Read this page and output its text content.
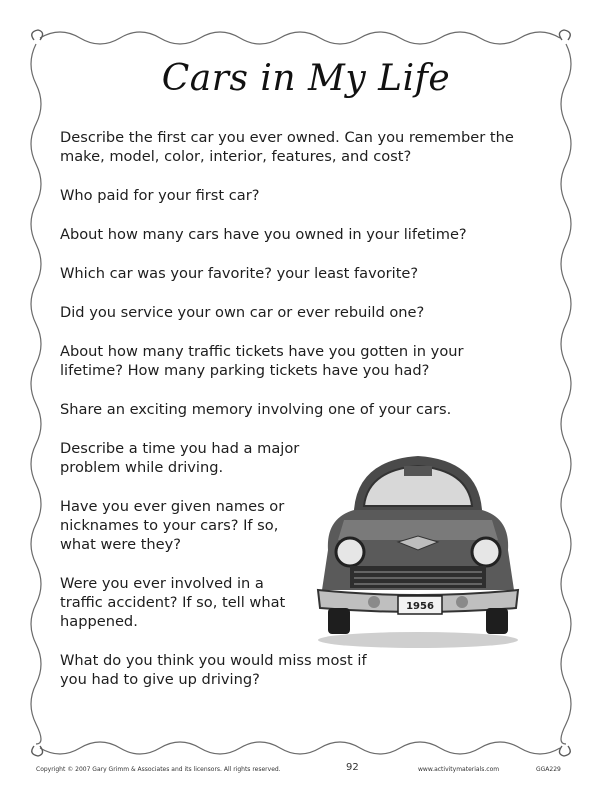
Cars in My Life

Describe the first car you ever owned. Can you remember the make, model, color, interior, features, and cost?

Who paid for your first car?

About how many cars have you owned in your lifetime?

Which car was your favorite? your least favorite?

Did you service your own car or ever rebuild one?

About how many traffic tickets have you gotten in your lifetime? How many parking tickets have you had?

Share an exciting memory involving one of your cars.

Describe a time you had a major problem while driving.

Have you ever given names or nicknames to your cars? If so, what were they?

Were you ever involved in a traffic accident? If so, tell what happened.

What do you think you would miss most if you had to give up driving?

1956
Copyright © 2007 Gary Grimm & Associates and its licensors. All rights reserved.	92	www.activitymaterials.com	GGA229
